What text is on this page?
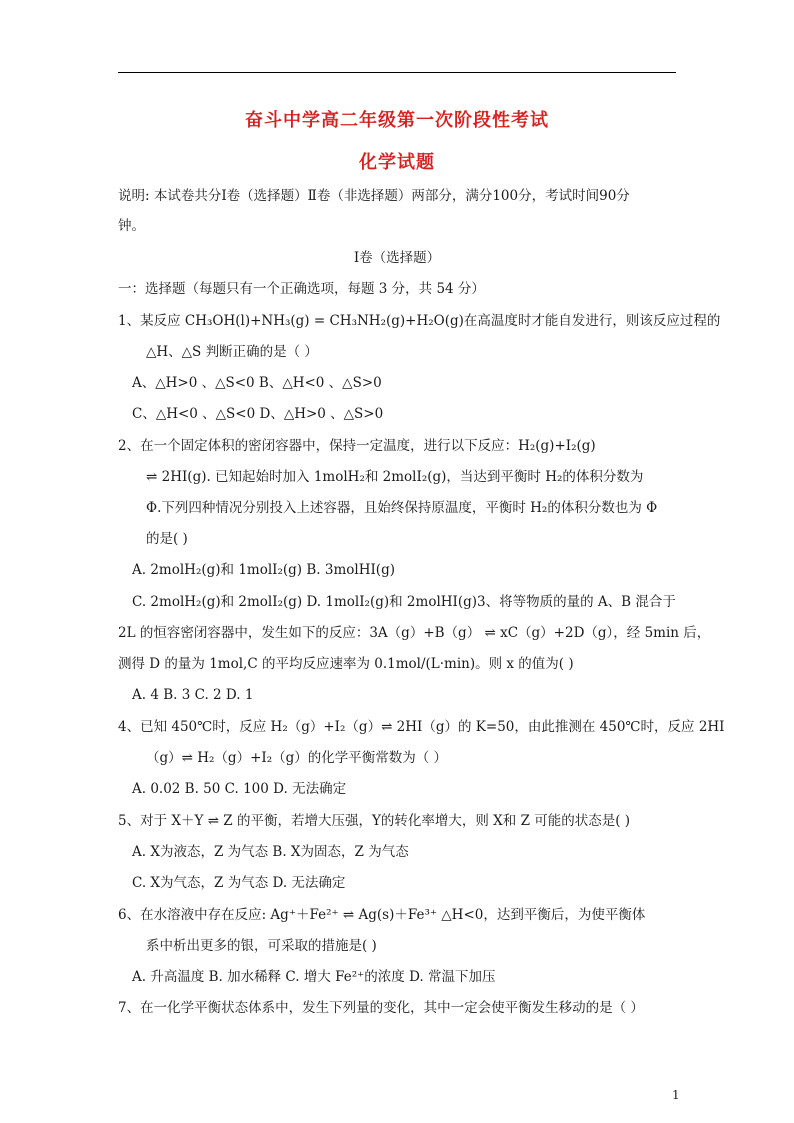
奋斗中学高二年级第一次阶段性考试
化学试题
说明: 本试卷共分Ⅰ卷（选择题）Ⅱ卷（非选择题）两部分，满分100分，考试时间90分
钟。
Ⅰ卷（选择题）
一：选择题（每题只有一个正确选项，每题 3 分，共 54 分）
1、某反应 CH₃OH(l)+NH₃(g) = CH₃NH₂(g)+H₂O(g)在高温度时才能自发进行，则该反应过程的
△H、△S 判断正确的是（ ）
A、△H>0 、△S<0 B、△H<0 、△S>0
C、△H<0 、△S<0 D、△H>0 、△S>0
2、在一个固定体积的密闭容器中，保持一定温度，进行以下反应：H₂(g)+I₂(g)
⇌ 2HI(g). 已知起始时加入 1molH₂和 2molI₂(g)，当达到平衡时 H₂的体积分数为
Φ.下列四种情况分别投入上述容器，且始终保持原温度，平衡时 H₂的体积分数也为 Φ
的是( )
A. 2molH₂(g)和 1molI₂(g) B. 3molHI(g)
C. 2molH₂(g)和 2molI₂(g) D. 1molI₂(g)和 2molHI(g)3、将等物质的量的 A、B 混合于
2L 的恒容密闭容器中，发生如下的反应：3A（g）+B（g） ⇌ xC（g）+2D（g），经 5min 后，
测得 D 的量为 1mol,C 的平均反应速率为 0.1mol/(L·min)。则 x 的值为( )
A. 4 B. 3 C. 2 D. 1
4、已知 450℃时，反应 H₂（g）+I₂（g）⇌ 2HI（g）的 K=50，由此推测在 450℃时，反应 2HI
（g）⇌ H₂（g）+I₂（g）的化学平衡常数为（ ）
A. 0.02 B. 50 C. 100 D. 无法确定
5、对于 X＋Y ⇌ Z 的平衡，若增大压强，Y的转化率增大，则 X和 Z 可能的状态是( )
A. X为液态，Z 为气态 B. X为固态，Z 为气态
C. X为气态，Z 为气态 D. 无法确定
6、在水溶液中存在反应: Ag⁺＋Fe²⁺ ⇌ Ag(s)＋Fe³⁺ △H<0，达到平衡后，为使平衡体
系中析出更多的银，可采取的措施是( )
A. 升高温度 B. 加水稀释 C. 增大 Fe²⁺的浓度 D. 常温下加压
7、在一化学平衡状态体系中，发生下列量的变化，其中一定会使平衡发生移动的是（ ）
1
